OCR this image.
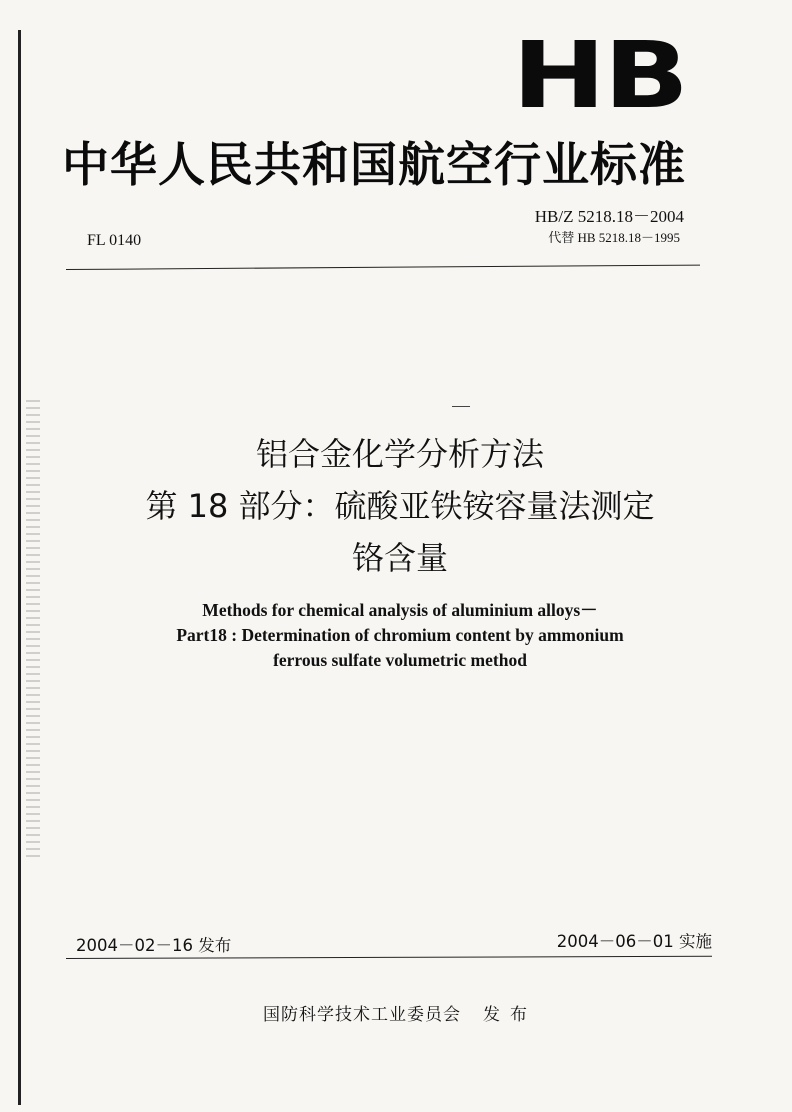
HB
中华人民共和国航空行业标准
HB/Z 5218.18－2004
代替 HB 5218.18－1995
FL 0140
铝合金化学分析方法
第 18 部分：硫酸亚铁铵容量法测定
铬含量
Methods for chemical analysis of aluminium alloys－
Part18 : Determination of chromium content by ammonium
ferrous sulfate volumetric method
2004－02－16 发布	2004－06－01 实施
国防科学技术工业委员会 发布
